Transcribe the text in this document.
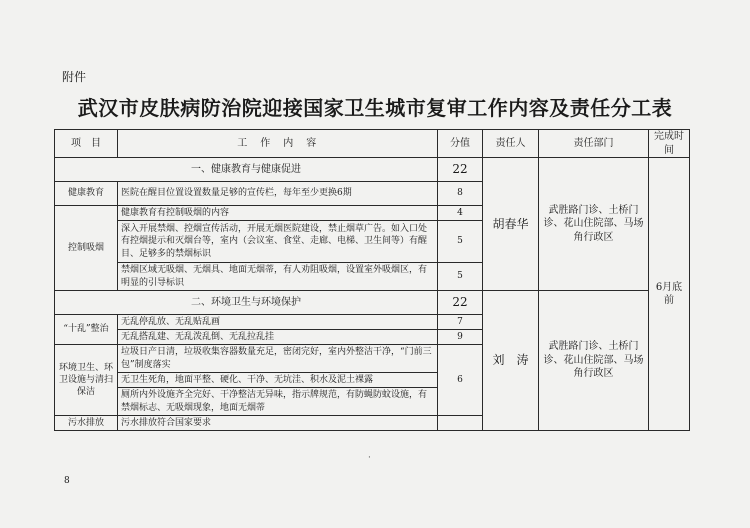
附件
武汉市皮肤病防治院迎接国家卫生城市复审工作内容及责任分工表
项　目	工　作　内　容	分值	责任人	责任部门	完成时间
一、健康教育与健康促进		22	胡春华	武胜路门诊、土桥门诊、花山住院部、马场角行政区	6月底前
健康教育	医院在醒目位置设置数量足够的宣传栏，每年至少更换6期	8			
控制吸烟	健康教育有控制吸烟的内容	4			
	深入开展禁烟、控烟宣传活动，开展无烟医院建设，禁止烟草广告。如入口处有控烟提示和灭烟台等，室内（会议室、食堂、走廊、电梯、卫生间等）有醒目、足够多的禁烟标识	5			
	禁烟区域无吸烟、无烟具、地面无烟蒂，有人劝阻吸烟，设置室外吸烟区，有明显的引导标识	5			
二、环境卫生与环境保护		22	刘　涛	武胜路门诊、土桥门诊、花山住院部、马场角行政区	
“十乱”整治	无乱停乱放、无乱贴乱画	7			
	无乱搭乱建、无乱泼乱倒、无乱拉乱挂	9			
环境卫生、环卫设施与清扫保洁	垃圾日产日清，垃圾收集容器数量充足，密闭完好，室内外整洁干净，“门前三包”制度落实	6			
	无卫生死角，地面平整、硬化、干净、无坑洼、积水及泥土裸露				
	厕所内外设施齐全完好、干净整洁无异味，指示牌规范，有防蝇防蚊设施，有禁烟标志、无吸烟现象，地面无烟蒂				
污水排放	污水排放符合国家要求				
·
8
